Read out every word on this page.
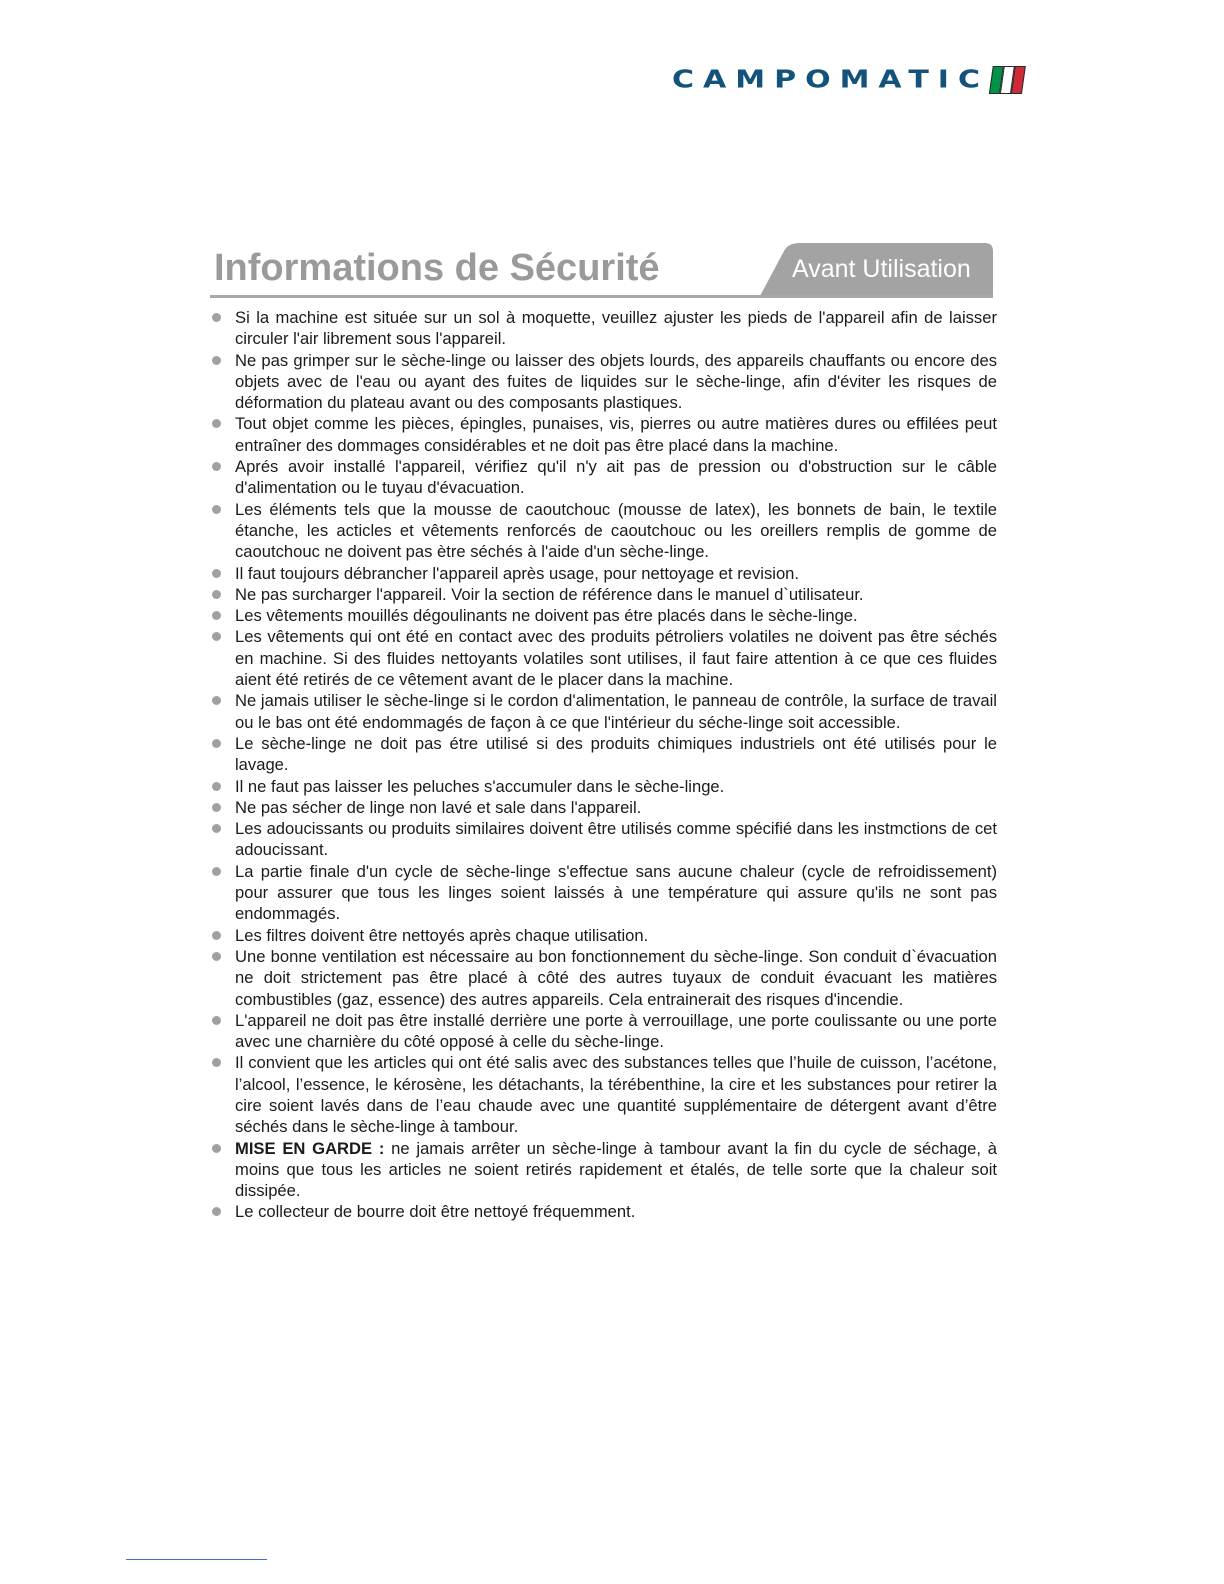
CAMPOMATIC
Informations de Sécurité	Avant Utilisation
Si la machine est située sur un sol à moquette, veuillez ajuster les pieds de l'appareil afin de laisser circuler l'air librement sous l'appareil.
Ne pas grimper sur le sèche-linge ou laisser des objets lourds, des appareils chauffants ou encore des objets avec de l'eau ou ayant des fuites de liquides sur le sèche-linge, afin d'éviter les risques de déformation du plateau avant ou des composants plastiques.
Tout objet comme les pièces, épingles, punaises, vis, pierres ou autre matières dures ou effilées peut entraîner des dommages considérables et ne doit pas être placé dans la machine.
Aprés avoir installé l'appareil, vérifiez qu'il n'y ait pas de pression ou d'obstruction sur le câble d'alimentation ou le tuyau d'évacuation.
Les éléments tels que la mousse de caoutchouc (mousse de latex), les bonnets de bain, le textile étanche, les acticles et vêtements renforcés de caoutchouc ou les oreillers remplis de gomme de caoutchouc ne doivent pas ètre séchés à l'aide d'un sèche-linge.
Il faut toujours débrancher l'appareil après usage, pour nettoyage et revision.
Ne pas surcharger l'appareil. Voir la section de référence dans le manuel d`utilisateur.
Les vêtements mouillés dégoulinants ne doivent pas étre placés dans le sèche-linge.
Les vêtements qui ont été en contact avec des produits pétroliers volatiles ne doivent pas être séchés en machine. Si des fluides nettoyants volatiles sont utilises, il faut faire attention à ce que ces fluides aient été retirés de ce vêtement avant de le placer dans la machine.
Ne jamais utiliser le sèche-linge si le cordon d'alimentation, le panneau de contrôle, la surface de travail ou le bas ont été endommagés de façon à ce que l'intérieur du séche-linge soit accessible.
Le sèche-linge ne doit pas étre utilisé si des produits chimiques industriels ont été utilisés pour le lavage.
Il ne faut pas laisser les peluches s'accumuler dans le sèche-linge.
Ne pas sécher de linge non lavé et sale dans l'appareil.
Les adoucissants ou produits similaires doivent être utilisés comme spécifié dans les instmctions de cet adoucissant.
La partie finale d'un cycle de sèche-linge s'effectue sans aucune chaleur (cycle de refroidissement) pour assurer que tous les linges soient laissés à une température qui assure qu'ils ne sont pas endommagés.
Les filtres doivent être nettoyés après chaque utilisation.
Une bonne ventilation est nécessaire au bon fonctionnement du sèche-linge. Son conduit d`évacuation ne doit strictement pas être placé à côté des autres tuyaux de conduit évacuant les matières combustibles (gaz, essence) des autres appareils. Cela entrainerait des risques d'incendie.
L'appareil ne doit pas être installé derrière une porte à verrouillage, une porte coulissante ou une porte avec une charnière du côté opposé à celle du sèche-linge.
Il convient que les articles qui ont été salis avec des substances telles que l’huile de cuisson, l’acétone, l’alcool, l’essence, le kérosène, les détachants, la térébenthine, la cire et les substances pour retirer la cire soient lavés dans de l’eau chaude avec une quantité supplémentaire de détergent avant d’être séchés dans le sèche-linge à tambour.
MISE EN GARDE : ne jamais arrêter un sèche-linge à tambour avant la fin du cycle de séchage, à moins que tous les articles ne soient retirés rapidement et étalés, de telle sorte que la chaleur soit dissipée.
Le collecteur de bourre doit être nettoyé fréquemment.
